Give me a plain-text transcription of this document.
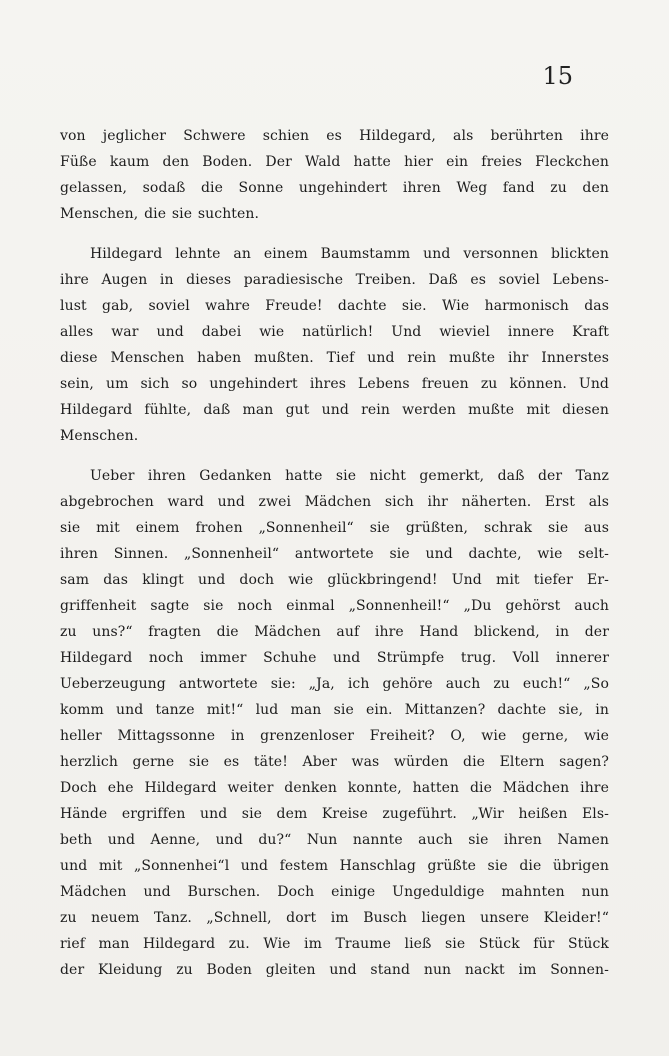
15

von jeglicher Schwere schien es Hildegard, als berührten ihre
Füße kaum den Boden. Der Wald hatte hier ein freies Fleckchen
gelassen, sodaß die Sonne ungehindert ihren Weg fand zu den
Menschen, die sie suchten.

Hildegard lehnte an einem Baumstamm und versonnen blickten
ihre Augen in dieses paradiesische Treiben. Daß es soviel Lebens-
lust gab, soviel wahre Freude! dachte sie. Wie harmonisch das
alles war und dabei wie natürlich! Und wieviel innere Kraft
diese Menschen haben mußten. Tief und rein mußte ihr Innerstes
sein, um sich so ungehindert ihres Lebens freuen zu können. Und
Hildegard fühlte, daß man gut und rein werden mußte mit diesen
Menschen.

Ueber ihren Gedanken hatte sie nicht gemerkt, daß der Tanz
abgebrochen ward und zwei Mädchen sich ihr näherten. Erst als
sie mit einem frohen „Sonnenheil“ sie grüßten, schrak sie aus
ihren Sinnen. „Sonnenheil“ antwortete sie und dachte, wie selt-
sam das klingt und doch wie glückbringend! Und mit tiefer Er-
griffenheit sagte sie noch einmal „Sonnenheil!“ „Du gehörst auch
zu uns?“ fragten die Mädchen auf ihre Hand blickend, in der
Hildegard noch immer Schuhe und Strümpfe trug. Voll innerer
Ueberzeugung antwortete sie: „Ja, ich gehöre auch zu euch!“ „So
komm und tanze mit!“ lud man sie ein. Mittanzen? dachte sie, in
heller Mittagssonne in grenzenloser Freiheit? O, wie gerne, wie
herzlich gerne sie es täte! Aber was würden die Eltern sagen?
Doch ehe Hildegard weiter denken konnte, hatten die Mädchen ihre
Hände ergriffen und sie dem Kreise zugeführt. „Wir heißen Els-
beth und Aenne, und du?“ Nun nannte auch sie ihren Namen
und mit „Sonnenhei“l und festem Hanschlag grüßte sie die übrigen
Mädchen und Burschen. Doch einige Ungeduldige mahnten nun
zu neuem Tanz. „Schnell, dort im Busch liegen unsere Kleider!“
rief man Hildegard zu. Wie im Traume ließ sie Stück für Stück
der Kleidung zu Boden gleiten und stand nun nackt im Sonnen-
